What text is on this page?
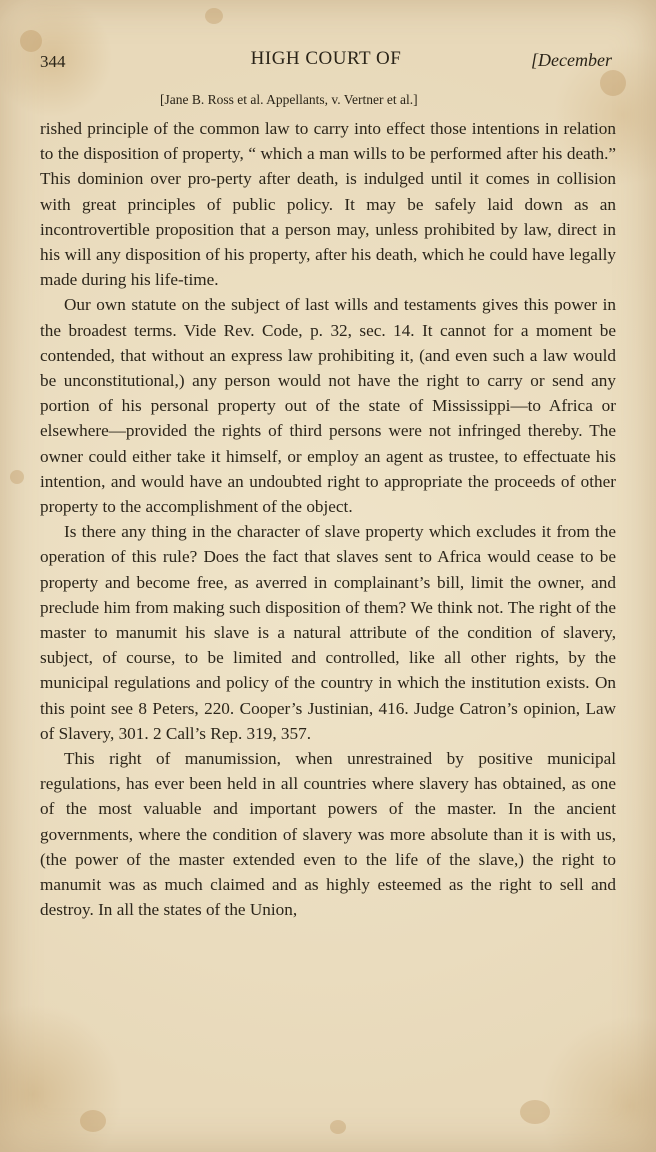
344	HIGH COURT OF	[December
[Jane B. Ross et al. Appellants, v. Vertner et al.]

rished principle of the common law to carry into effect those intentions in relation to the disposition of property, “ which a man wills to be performed after his death.” This dominion over pro-perty after death, is indulged until it comes in collision with great principles of public policy. It may be safely laid down as an incontrovertible proposition that a person may, unless prohibited by law, direct in his will any disposition of his property, after his death, which he could have legally made during his life-time.

Our own statute on the subject of last wills and testaments gives this power in the broadest terms. Vide Rev. Code, p. 32, sec. 14. It cannot for a moment be contended, that without an express law prohibiting it, (and even such a law would be unconstitutional,) any person would not have the right to carry or send any portion of his personal property out of the state of Mississippi—to Africa or elsewhere—provided the rights of third persons were not infringed thereby. The owner could either take it himself, or employ an agent as trustee, to effectuate his intention, and would have an undoubted right to appropriate the proceeds of other property to the accomplishment of the object.

Is there any thing in the character of slave property which excludes it from the operation of this rule? Does the fact that slaves sent to Africa would cease to be property and become free, as averred in complainant’s bill, limit the owner, and preclude him from making such disposition of them? We think not. The right of the master to manumit his slave is a natural attribute of the condition of slavery, subject, of course, to be limited and controlled, like all other rights, by the municipal regulations and policy of the country in which the institution exists. On this point see 8 Peters, 220. Cooper’s Justinian, 416. Judge Catron’s opinion, Law of Slavery, 301. 2 Call’s Rep. 319, 357.

This right of manumission, when unrestrained by positive municipal regulations, has ever been held in all countries where slavery has obtained, as one of the most valuable and important powers of the master. In the ancient governments, where the condition of slavery was more absolute than it is with us, (the power of the master extended even to the life of the slave,) the right to manumit was as much claimed and as highly esteemed as the right to sell and destroy. In all the states of the Union,
